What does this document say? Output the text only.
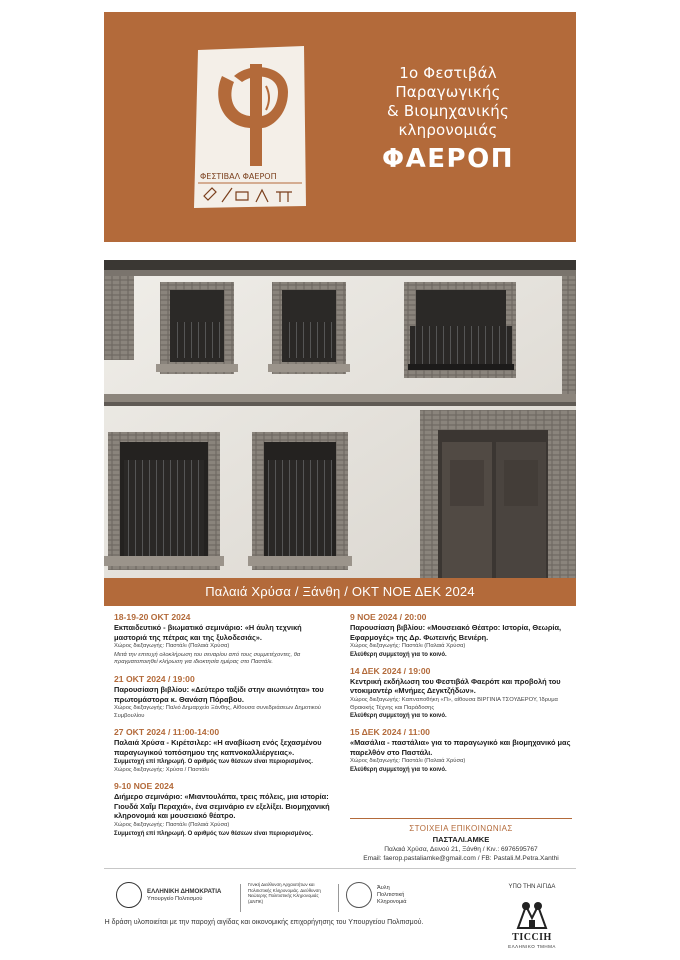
ΦΕΣΤΙΒΑΛ ΦΑΕΡΟΠ
1ο Φεστιβάλ
Παραγωγικής
& Βιομηχανικής
κληρονομιάς
ΦΑΕΡΟΠ
Παλαιά Χρύσα / Ξάνθη / ΟΚΤ ΝΟΕ ΔΕΚ 2024
18-19-20 ΟΚΤ 2024
Εκπαιδευτικό - βιωματικό σεμινάριο: «Η άυλη τεχνική μαστοριά της πέτρας και της ξυλοδεσιάς».
Χώρος διεξαγωγής: Παστάλι (Παλαιά Χρύσα)
Μετά την επιτυχή ολοκλήρωση του σεναρίου από τους συμμετέχοντες, θα πραγματοποιηθεί κλήρωση για ιδιοκτησία ημέρας στο Παστάλι.
21 ΟΚΤ 2024 / 19:00
Παρουσίαση βιβλίου: «Δεύτερο ταξίδι στην αιωνιότητα» του πρωτομάστορα κ. Θανάση Πόραβου.
Χώρος διεξαγωγής: Παλιό Δημαρχείο Ξάνθης, Αίθουσα συνεδριάσεων Δημοτικού Συμβουλίου
27 ΟΚΤ 2024 / 11:00-14:00
Παλαιά Χρύσα - Κιρέτσιλερ: «Η αναβίωση ενός ξεχασμένου παραγωγικού τοπόσημου της καπνοκαλλιέργειας».
Συμμετοχή επί πληρωμή. Ο αριθμός των θέσεων είναι περιορισμένος.
Χώρος διεξαγωγής: Χρύσα / Παστάλι
9-10 ΝΟΕ 2024
Διήμερο σεμινάριο: «Μιαντουλάπα, τρεις πόλεις, μια ιστορία: Γιουδά Χαΐμ Περαχιά», ένα σεμινάριο εν εξελίξει. Βιομηχανική κληρονομιά και μουσειακό θέατρο.
Χώρος διεξαγωγής: Παστάλι (Παλαιά Χρύσα)
Συμμετοχή επί πληρωμή. Ο αριθμός των θέσεων είναι περιορισμένος.
9 ΝΟΕ 2024 / 20:00
Παρουσίαση βιβλίου: «Μουσειακό Θέατρο: Ιστορία, Θεωρία, Εφαρμογές» της Δρ. Φωτεινής Βενιέρη.
Χώρος διεξαγωγής: Παστάλι (Παλαιά Χρύσα)
Ελεύθερη συμμετοχή για το κοινό.
14 ΔΕΚ 2024 / 19:00
Κεντρική εκδήλωση του Φεστιβάλ Φαερόπ και προβολή του ντοκιμαντέρ «Μνήμες Δεγκτζήδων».
Χώρος διεξαγωγής: Καπναποθήκη «Π», αίθουσα ΒΙΡΓΙΝΙΑ ΤΣΟΥΔΕΡΟΥ, Ίδρυμα Θρακικής Τέχνης και Παράδοσης
Ελεύθερη συμμετοχή για το κοινό.
15 ΔΕΚ 2024 / 11:00
«Μασάλια - παστάλια» για το παραγωγικό και βιομηχανικό μας παρελθόν στο Παστάλι.
Χώρος διεξαγωγής: Παστάλι (Παλαιά Χρύσα)
Ελεύθερη συμμετοχή για το κοινό.
ΣΤΟΙΧΕΙΑ ΕΠΙΚΟΙΝΩΝΙΑΣ
ΠΑΣΤΑΛΙ.ΑΜΚΕ
Παλαιά Χρύσα, Δεινού 21, Ξάνθη / Κιν.: 6976595767
Email: faerop.pastaliamke@gmail.com / FB: Pastali.M.Petra.Xanthi
ΕΛΛΗΝΙΚΗ ΔΗΜΟΚΡΑΤΙΑ
Υπουργείο Πολιτισμού
Γενική Διεύθυνση Αρχαιοτήτων και Πολιτιστικής Κληρονομιάς. Διεύθυνση Νεώτερης Πολιτιστικής Κληρονομιάς (ΔΝΠΚ)
Άυλη Πολιτιστική Κληρονομιά
ΥΠΟ ΤΗΝ ΑΙΓΙΔΑ
TICCIH
ΕΛΛΗΝΙΚΟ ΤΜΗΜΑ
Η δράση υλοποιείται με την παροχή αιγίδας και οικονομικής επιχορήγησης του Υπουργείου Πολιτισμού.
